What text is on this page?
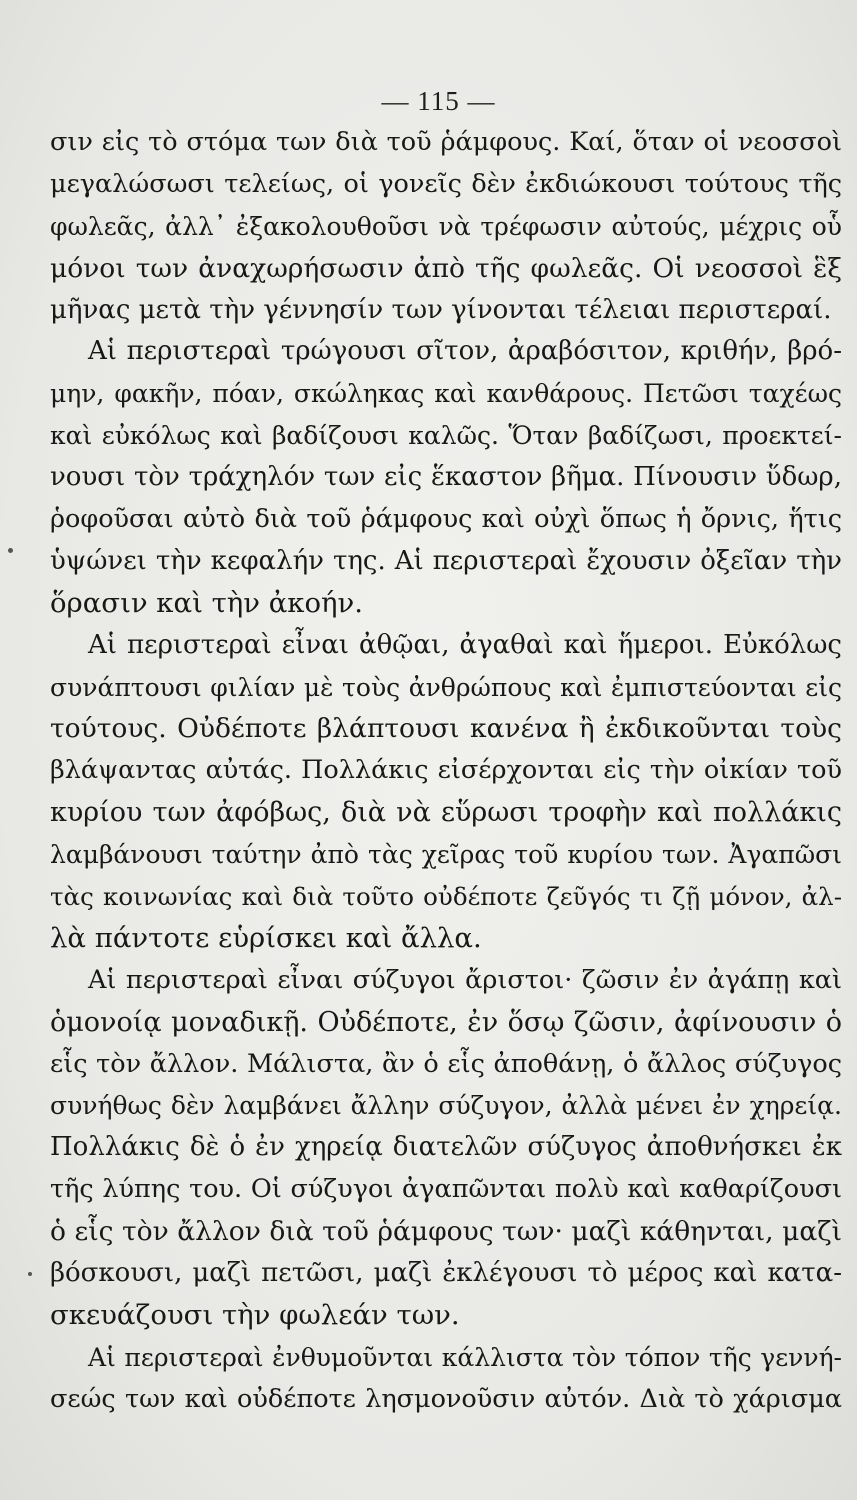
— 115 —
σιν εἰς τὸ στόμα των διὰ τοῦ ῥάμφους. Καί, ὅταν οἱ νεοσσοὶ
μεγαλώσωσι τελείως, οἱ γονεῖς δὲν ἐκδιώκουσι τούτους τῆς
φωλεᾶς, ἀλλ᾽ ἐξακολουθοῦσι νὰ τρέφωσιν αὐτούς, μέχρις οὗ
μόνοι των ἀναχωρήσωσιν ἀπὸ τῆς φωλεᾶς. Οἱ νεοσσοὶ ἓξ
μῆνας μετὰ τὴν γέννησίν των γίνονται τέλειαι περιστεραί.
Αἱ περιστεραὶ τρώγουσι σῖτον, ἀραβόσιτον, κριθήν, βρό-
μην, φακῆν, πόαν, σκώληκας καὶ κανθάρους. Πετῶσι ταχέως
καὶ εὐκόλως καὶ βαδίζουσι καλῶς. Ὅταν βαδίζωσι, προεκτεί-
νουσι τὸν τράχηλόν των εἰς ἕκαστον βῆμα. Πίνουσιν ὕδωρ,
ῥοφοῦσαι αὐτὸ διὰ τοῦ ῥάμφους καὶ οὐχὶ ὅπως ἡ ὄρνις, ἥτις
ὑψώνει τὴν κεφαλήν της. Αἱ περιστεραὶ ἔχουσιν ὀξεῖαν τὴν
ὅρασιν καὶ τὴν ἀκοήν.
Αἱ περιστεραὶ εἶναι ἀθῷαι, ἀγαθαὶ καὶ ἥμεροι. Εὐκόλως
συνάπτουσι φιλίαν μὲ τοὺς ἀνθρώπους καὶ ἐμπιστεύονται εἰς
τούτους. Οὐδέποτε βλάπτουσι κανένα ἢ ἐκδικοῦνται τοὺς
βλάψαντας αὐτάς. Πολλάκις εἰσέρχονται εἰς τὴν οἰκίαν τοῦ
κυρίου των ἀφόβως, διὰ νὰ εὕρωσι τροφὴν καὶ πολλάκις
λαμβάνουσι ταύτην ἀπὸ τὰς χεῖρας τοῦ κυρίου των. Ἀγαπῶσι
τὰς κοινωνίας καὶ διὰ τοῦτο οὐδέποτε ζεῦγός τι ζῇ μόνον, ἀλ-
λὰ πάντοτε εὑρίσκει καὶ ἄλλα.
Αἱ περιστεραὶ εἶναι σύζυγοι ἄριστοι· ζῶσιν ἐν ἀγάπῃ καὶ
ὁμονοίᾳ μοναδικῇ. Οὐδέποτε, ἐν ὅσῳ ζῶσιν, ἀφίνουσιν ὁ
εἷς τὸν ἄλλον. Μάλιστα, ἂν ὁ εἷς ἀποθάνῃ, ὁ ἄλλος σύζυγος
συνήθως δὲν λαμβάνει ἄλλην σύζυγον, ἀλλὰ μένει ἐν χηρείᾳ.
Πολλάκις δὲ ὁ ἐν χηρείᾳ διατελῶν σύζυγος ἀποθνήσκει ἐκ
τῆς λύπης του. Οἱ σύζυγοι ἀγαπῶνται πολὺ καὶ καθαρίζουσι
ὁ εἷς τὸν ἄλλον διὰ τοῦ ῥάμφους των· μαζὶ κάθηνται, μαζὶ
βόσκουσι, μαζὶ πετῶσι, μαζὶ ἐκλέγουσι τὸ μέρος καὶ κατα-
σκευάζουσι τὴν φωλεάν των.
Αἱ περιστεραὶ ἐνθυμοῦνται κάλλιστα τὸν τόπον τῆς γεννή-
σεώς των καὶ οὐδέποτε λησμονοῦσιν αὐτόν. Διὰ τὸ χάρισμα
